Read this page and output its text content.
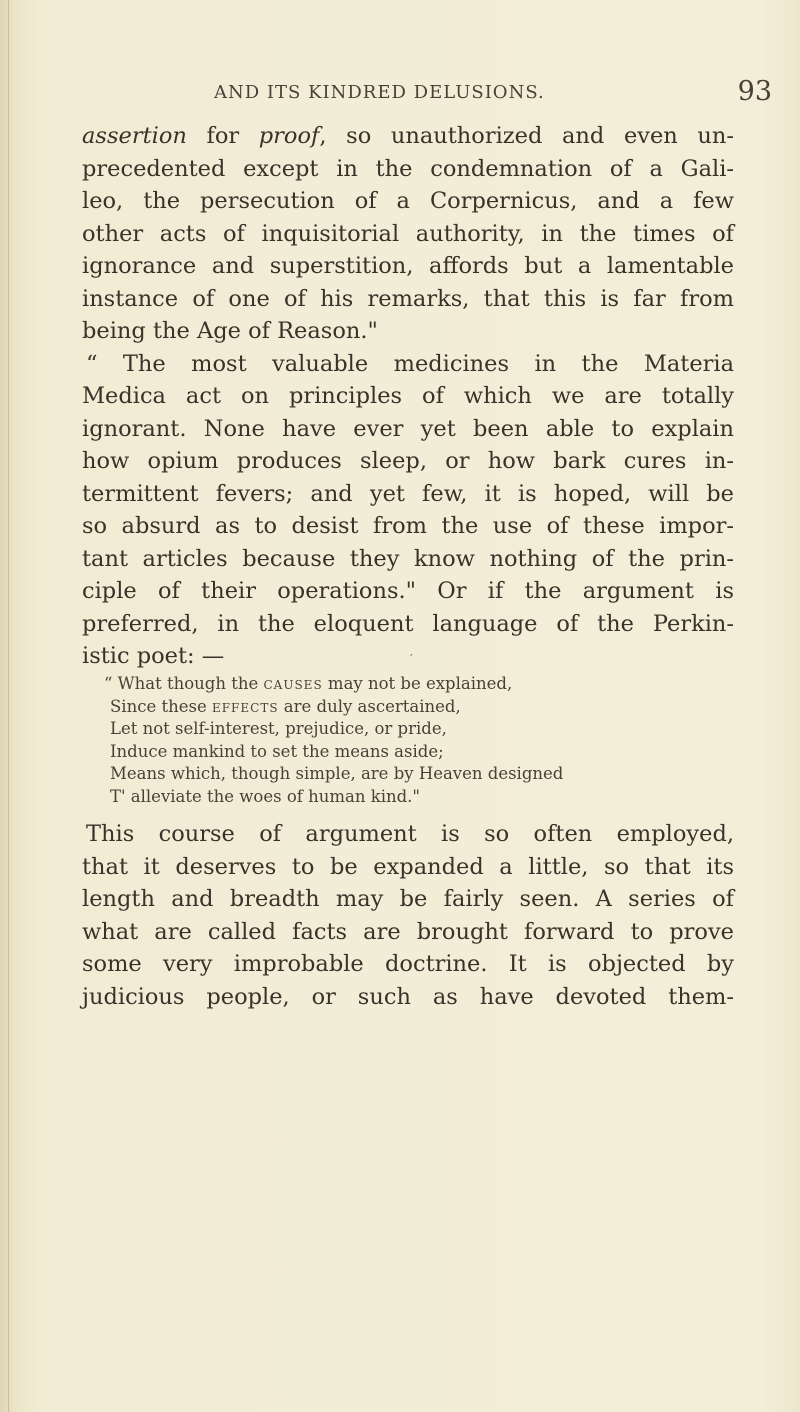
AND ITS KINDRED DELUSIONS.	93
assertion for proof, so unauthorized and even un-
precedented except in the condemnation of a Gali-
leo, the persecution of a Corpernicus, and a few
other acts of inquisitorial authority, in the times of
ignorance and superstition, affords but a lamentable
instance of one of his remarks, that this is far from
being the Age of Reason."
“ The most valuable medicines in the Materia
Medica act on principles of which we are totally
ignorant. None have ever yet been able to explain
how opium produces sleep, or how bark cures in-
termittent fevers; and yet few, it is hoped, will be
so absurd as to desist from the use of these impor-
tant articles because they know nothing of the prin-
ciple of their operations." Or if the argument is
preferred, in the eloquent language of the Perkin-
istic poet: —	′
“ What though the causes may not be explained,
Since these effects are duly ascertained,
Let not self-interest, prejudice, or pride,
Induce mankind to set the means aside;
Means which, though simple, are by Heaven designed
T' alleviate the woes of human kind."
This course of argument is so often employed,
that it deserves to be expanded a little, so that its
length and breadth may be fairly seen. A series of
what are called facts are brought forward to prove
some very improbable doctrine. It is objected by
judicious people, or such as have devoted them-
